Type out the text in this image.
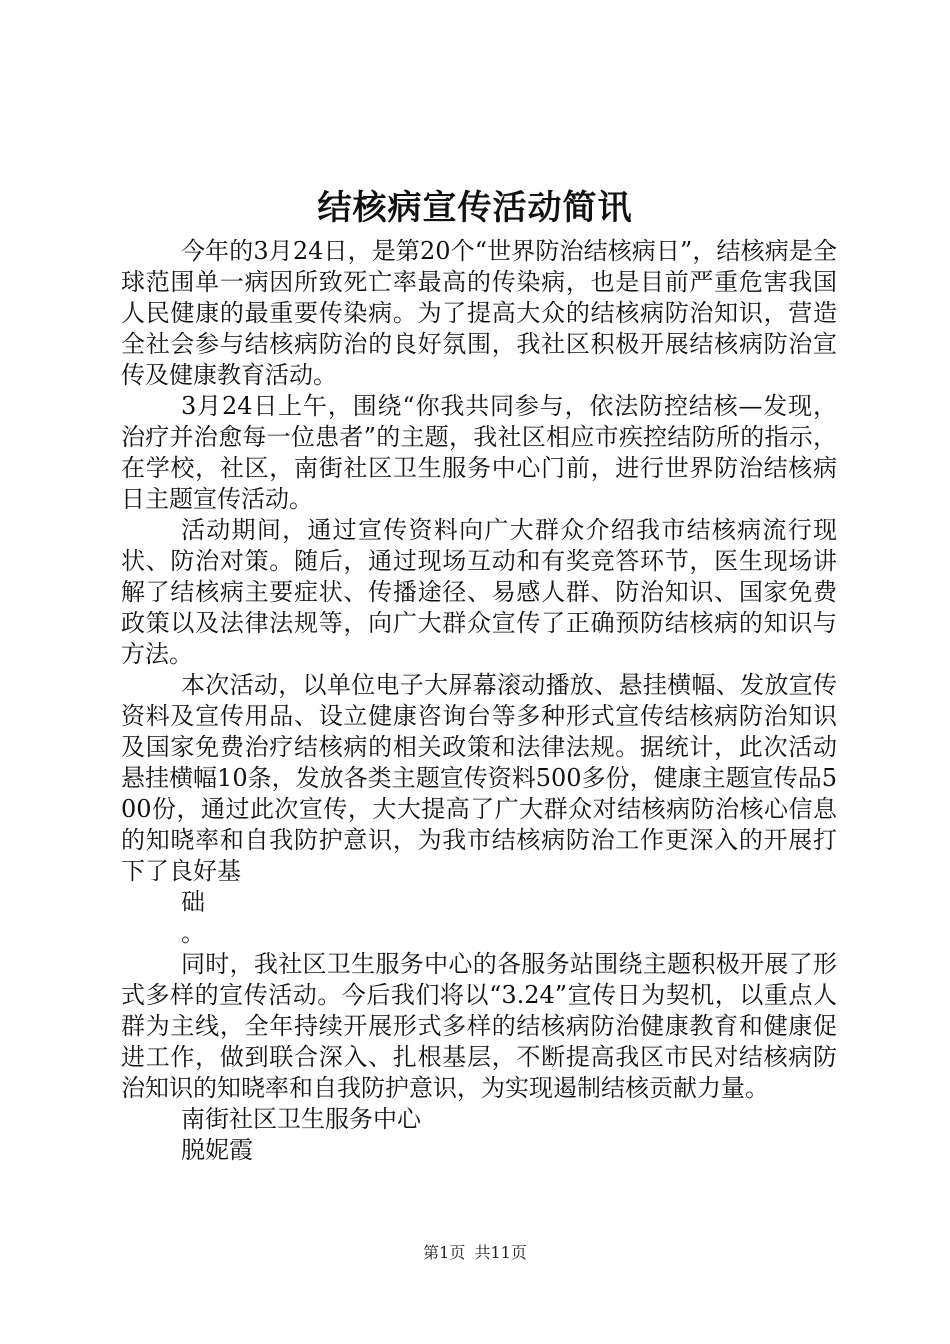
结核病宣传活动简讯

今年的3月24日，是第20个“世界防治结核病日”，结核病是全球范围单一病因所致死亡率最高的传染病，也是目前严重危害我国人民健康的最重要传染病。为了提高大众的结核病防治知识，营造全社会参与结核病防治的良好氛围，我社区积极开展结核病防治宣传及健康教育活动。

3月24日上午，围绕“你我共同参与，依法防控结核—发现，治疗并治愈每一位患者”的主题，我社区相应市疾控结防所的指示，在学校，社区，南街社区卫生服务中心门前，进行世界防治结核病日主题宣传活动。

活动期间，通过宣传资料向广大群众介绍我市结核病流行现状、防治对策。随后，通过现场互动和有奖竞答环节，医生现场讲解了结核病主要症状、传播途径、易感人群、防治知识、国家免费政策以及法律法规等，向广大群众宣传了正确预防结核病的知识与方法。

本次活动，以单位电子大屏幕滚动播放、悬挂横幅、发放宣传资料及宣传用品、设立健康咨询台等多种形式宣传结核病防治知识及国家免费治疗结核病的相关政策和法律法规。据统计，此次活动悬挂横幅10条，发放各类主题宣传资料500多份，健康主题宣传品500份，通过此次宣传，大大提高了广大群众对结核病防治核心信息的知晓率和自我防护意识，为我市结核病防治工作更深入的开展打下了良好基

础

。

同时，我社区卫生服务中心的各服务站围绕主题积极开展了形式多样的宣传活动。今后我们将以“3.24”宣传日为契机，以重点人群为主线，全年持续开展形式多样的结核病防治健康教育和健康促进工作，做到联合深入、扎根基层，不断提高我区市民对结核病防治知识的知晓率和自我防护意识，为实现遏制结核贡献力量。

南街社区卫生服务中心

脱妮霞

第1页 共11页
